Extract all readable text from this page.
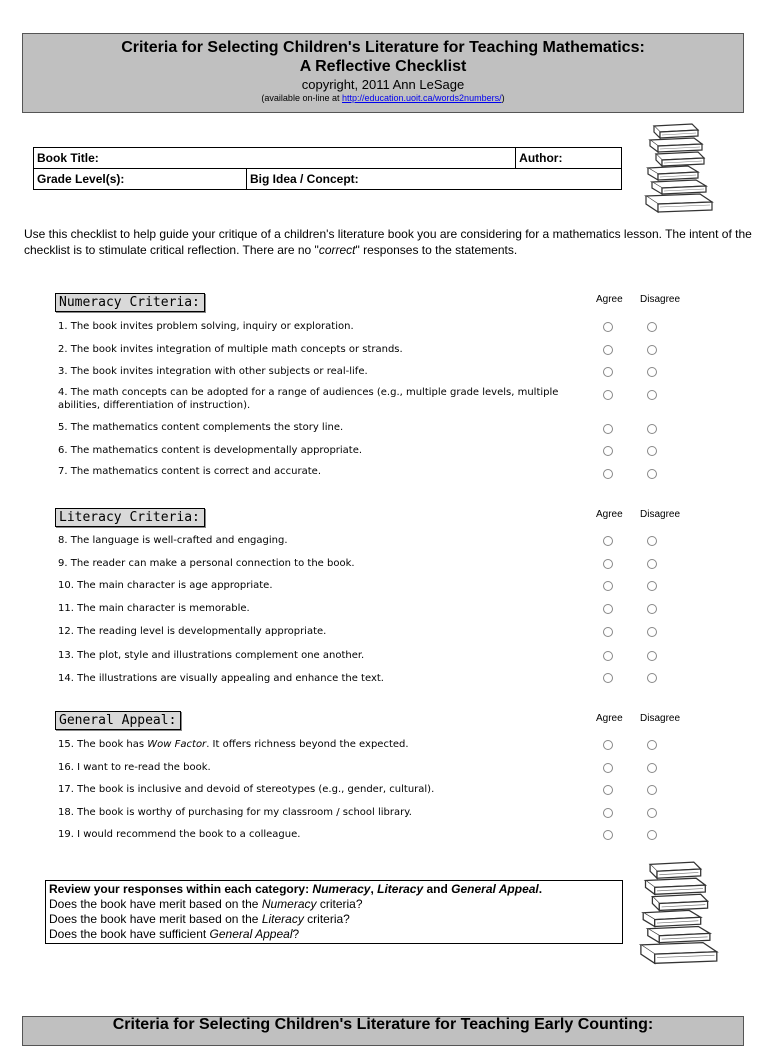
Criteria for Selecting Children's Literature for Teaching Mathematics:
A Reflective Checklist
copyright, 2011 Ann LeSage
(available on-line at http://education.uoit.ca/words2numbers/)
Book Title:		Author:
Grade Level(s):	Big Idea / Concept:	
Use this checklist to help guide your critique of a children's literature book you are considering for a mathematics lesson. The intent of the checklist is to stimulate critical reflection. There are no "correct" responses to the statements.
Numeracy Criteria:	Agree Disagree
1. The book invites problem solving, inquiry or exploration.
2. The book invites integration of multiple math concepts or strands.
3. The book invites integration with other subjects or real-life.
4. The math concepts can be adopted for a range of audiences (e.g., multiple grade levels, multiple abilities, differentiation of instruction).
5. The mathematics content complements the story line.
6. The mathematics content is developmentally appropriate.
7. The mathematics content is correct and accurate.
Literacy Criteria:	Agree Disagree
8. The language is well-crafted and engaging.
9. The reader can make a personal connection to the book.
10. The main character is age appropriate.
11. The main character is memorable.
12. The reading level is developmentally appropriate.
13. The plot, style and illustrations complement one another.
14. The illustrations are visually appealing and enhance the text.
General Appeal:	Agree Disagree
15. The book has Wow Factor. It offers richness beyond the expected.
16. I want to re-read the book.
17. The book is inclusive and devoid of stereotypes (e.g., gender, cultural).
18. The book is worthy of purchasing for my classroom / school library.
19. I would recommend the book to a colleague.
Review your responses within each category: Numeracy, Literacy and General Appeal.
Does the book have merit based on the Numeracy criteria?
Does the book have merit based on the Literacy criteria?
Does the book have sufficient General Appeal?
Criteria for Selecting Children's Literature for Teaching Early Counting:
